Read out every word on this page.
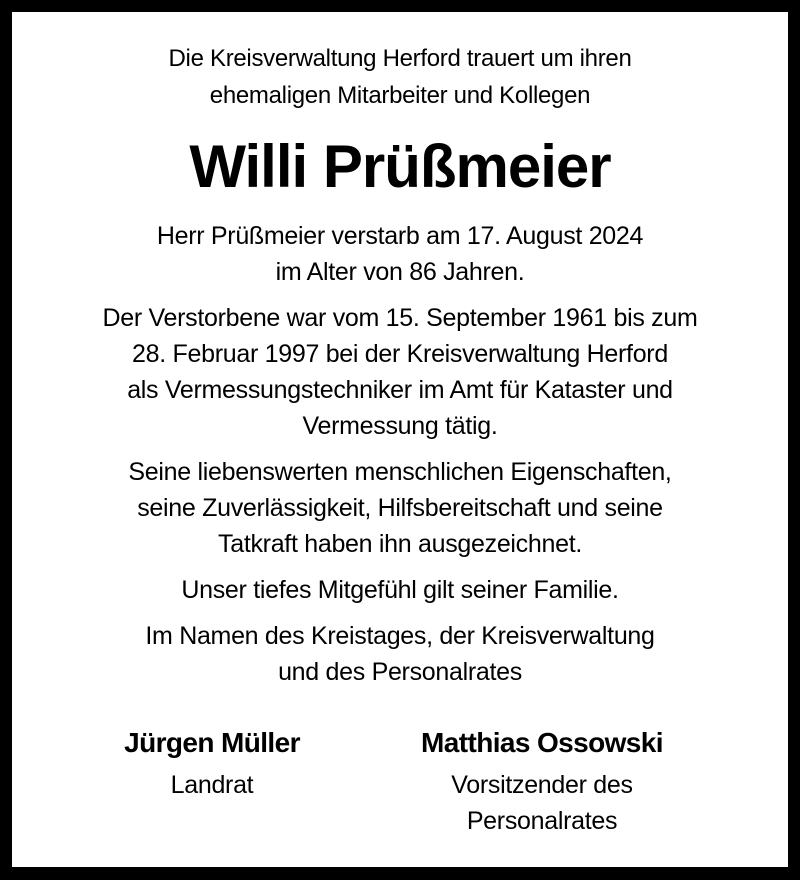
Die Kreisverwaltung Herford trauert um ihren
ehemaligen Mitarbeiter und Kollegen
Willi Prüßmeier
Herr Prüßmeier verstarb am 17. August 2024
im Alter von 86 Jahren.
Der Verstorbene war vom 15. September 1961 bis zum
28. Februar 1997 bei der Kreisverwaltung Herford
als Vermessungstechniker im Amt für Kataster und
Vermessung tätig.
Seine liebenswerten menschlichen Eigenschaften,
seine Zuverlässigkeit, Hilfsbereitschaft und seine
Tatkraft haben ihn ausgezeichnet.
Unser tiefes Mitgefühl gilt seiner Familie.
Im Namen des Kreistages, der Kreisverwaltung
und des Personalrates
Jürgen Müller
Landrat
Matthias Ossowski
Vorsitzender des
Personalrates
